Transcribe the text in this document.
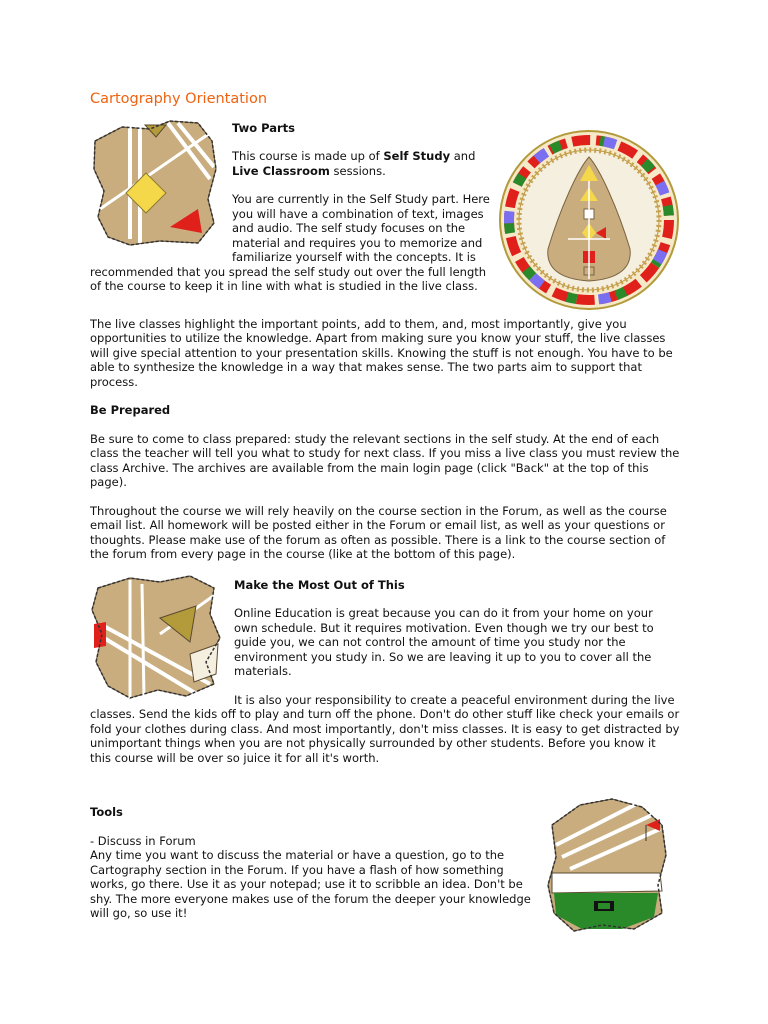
Cartography Orientation
Two Parts

This course is made up of Self Study and Live Classroom sessions.

You are currently in the Self Study part. Here you will have a combination of text, images and audio. The self study focuses on the material and requires you to memorize and familiarize yourself with the concepts. It is recommended that you spread the self study out over the full length of the course to keep it in line with what is studied in the live class.

The live classes highlight the important points, add to them, and, most importantly, give you opportunities to utilize the knowledge. Apart from making sure you know your stuff, the live classes will give special attention to your presentation skills. Knowing the stuff is not enough. You have to be able to synthesize the knowledge in a way that makes sense. The two parts aim to support that process.

Be Prepared

Be sure to come to class prepared: study the relevant sections in the self study. At the end of each class the teacher will tell you what to study for next class. If you miss a live class you must review the class Archive. The archives are available from the main login page (click "Back" at the top of this page).

Throughout the course we will rely heavily on the course section in the Forum, as well as the course email list. All homework will be posted either in the Forum or email list, as well as your questions or thoughts. Please make use of the forum as often as possible. There is a link to the course section of the forum from every page in the course (like at the bottom of this page).

Make the Most Out of This

Online Education is great because you can do it from your home on your own schedule. But it requires motivation. Even though we try our best to guide you, we can not control the amount of time you study nor the environment you study in. So we are leaving it up to you to cover all the materials.

It is also your responsibility to create a peaceful environment during the live classes. Send the kids off to play and turn off the phone. Don't do other stuff like check your emails or fold your clothes during class. And most importantly, don't miss classes. It is easy to get distracted by unimportant things when you are not physically surrounded by other students. Before you know it this course will be over so juice it for all it's worth.

Tools
- Discuss in Forum

Any time you want to discuss the material or have a question, go to the Cartography section in the Forum. If you have a flash of how something works, go there. Use it as your notepad; use it to scribble an idea. Don't be shy. The more everyone makes use of the forum the deeper your knowledge will go, so use it!
